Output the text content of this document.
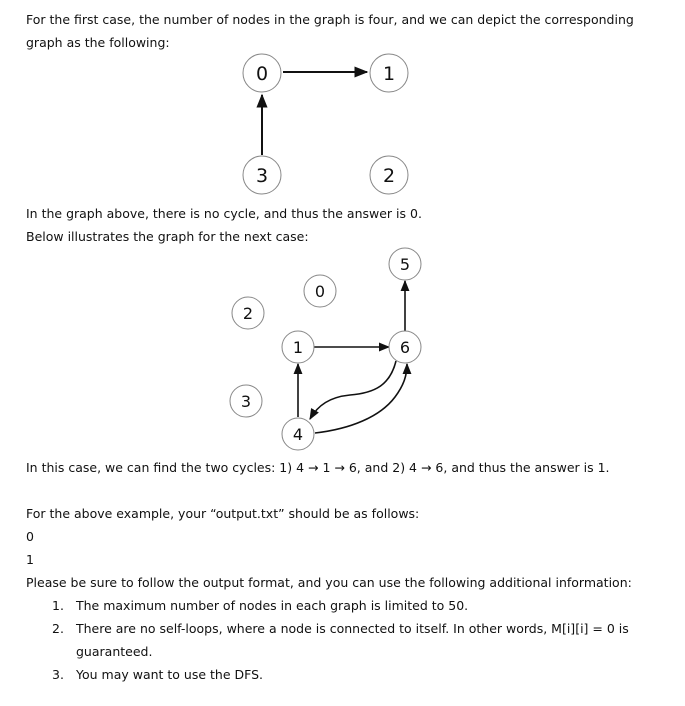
For the first case, the number of nodes in the graph is four, and we can depict the corresponding
graph as the following:
0	1
3	2
In the graph above, there is no cycle, and thus the answer is 0.
Below illustrates the graph for the next case:
5
0
2
1	6
3
4
In this case, we can find the two cycles: 1) 4 → 1 → 6, and 2) 4 → 6, and thus the answer is 1.
For the above example, your “output.txt” should be as follows:
0
1
Please be sure to follow the output format, and you can use the following additional information:
1. The maximum number of nodes in each graph is limited to 50.
2. There are no self-loops, where a node is connected to itself. In other words, M[i][i] = 0 is
guaranteed.
3. You may want to use the DFS.
